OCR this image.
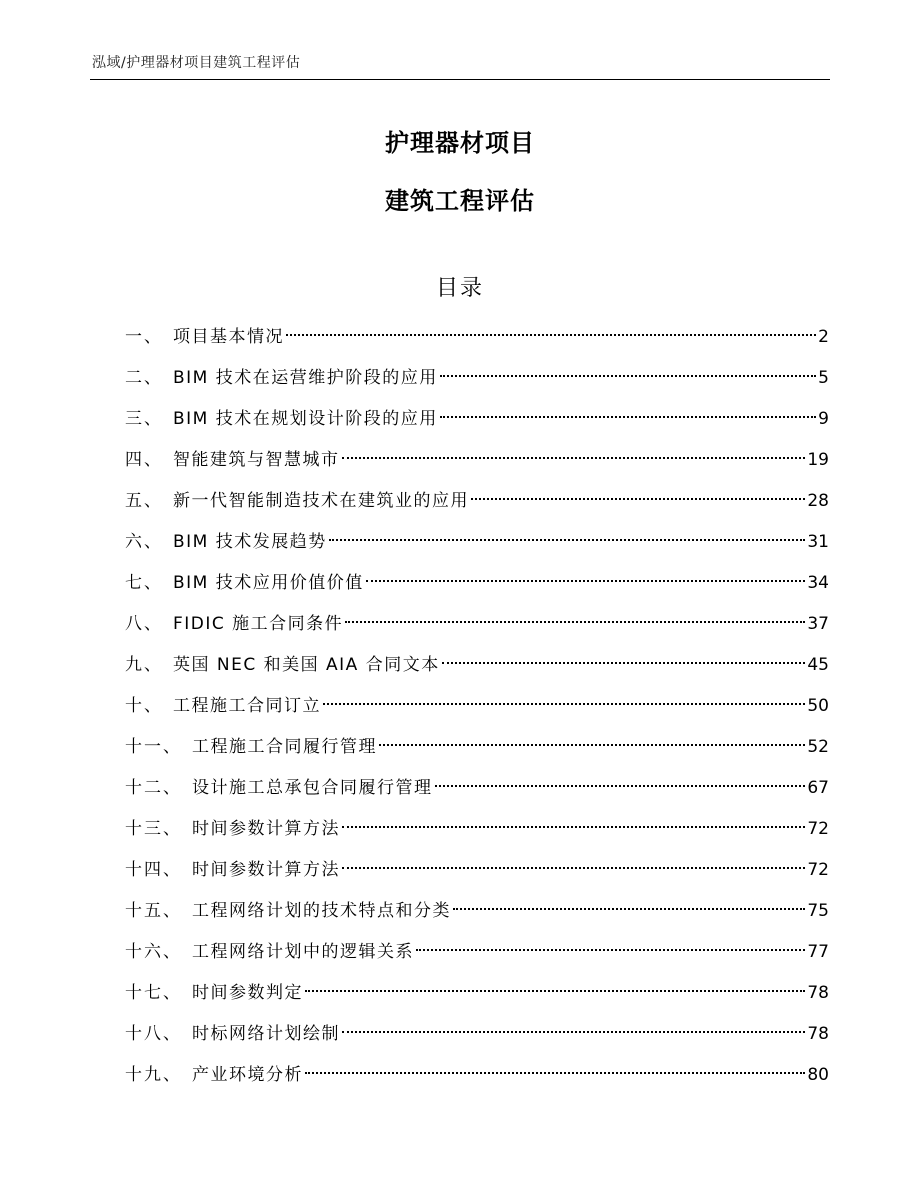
泓域/护理器材项目建筑工程评估
护理器材项目
建筑工程评估
目录
一、 项目基本情况	2
二、 BIM 技术在运营维护阶段的应用	5
三、 BIM 技术在规划设计阶段的应用	9
四、 智能建筑与智慧城市	19
五、 新一代智能制造技术在建筑业的应用	28
六、 BIM 技术发展趋势	31
七、 BIM 技术应用价值价值	34
八、 FIDIC 施工合同条件	37
九、 英国 NEC 和美国 AIA 合同文本	45
十、 工程施工合同订立	50
十一、 工程施工合同履行管理	52
十二、 设计施工总承包合同履行管理	67
十三、 时间参数计算方法	72
十四、 时间参数计算方法	72
十五、 工程网络计划的技术特点和分类	75
十六、 工程网络计划中的逻辑关系	77
十七、 时间参数判定	78
十八、 时标网络计划绘制	78
十九、 产业环境分析	80
